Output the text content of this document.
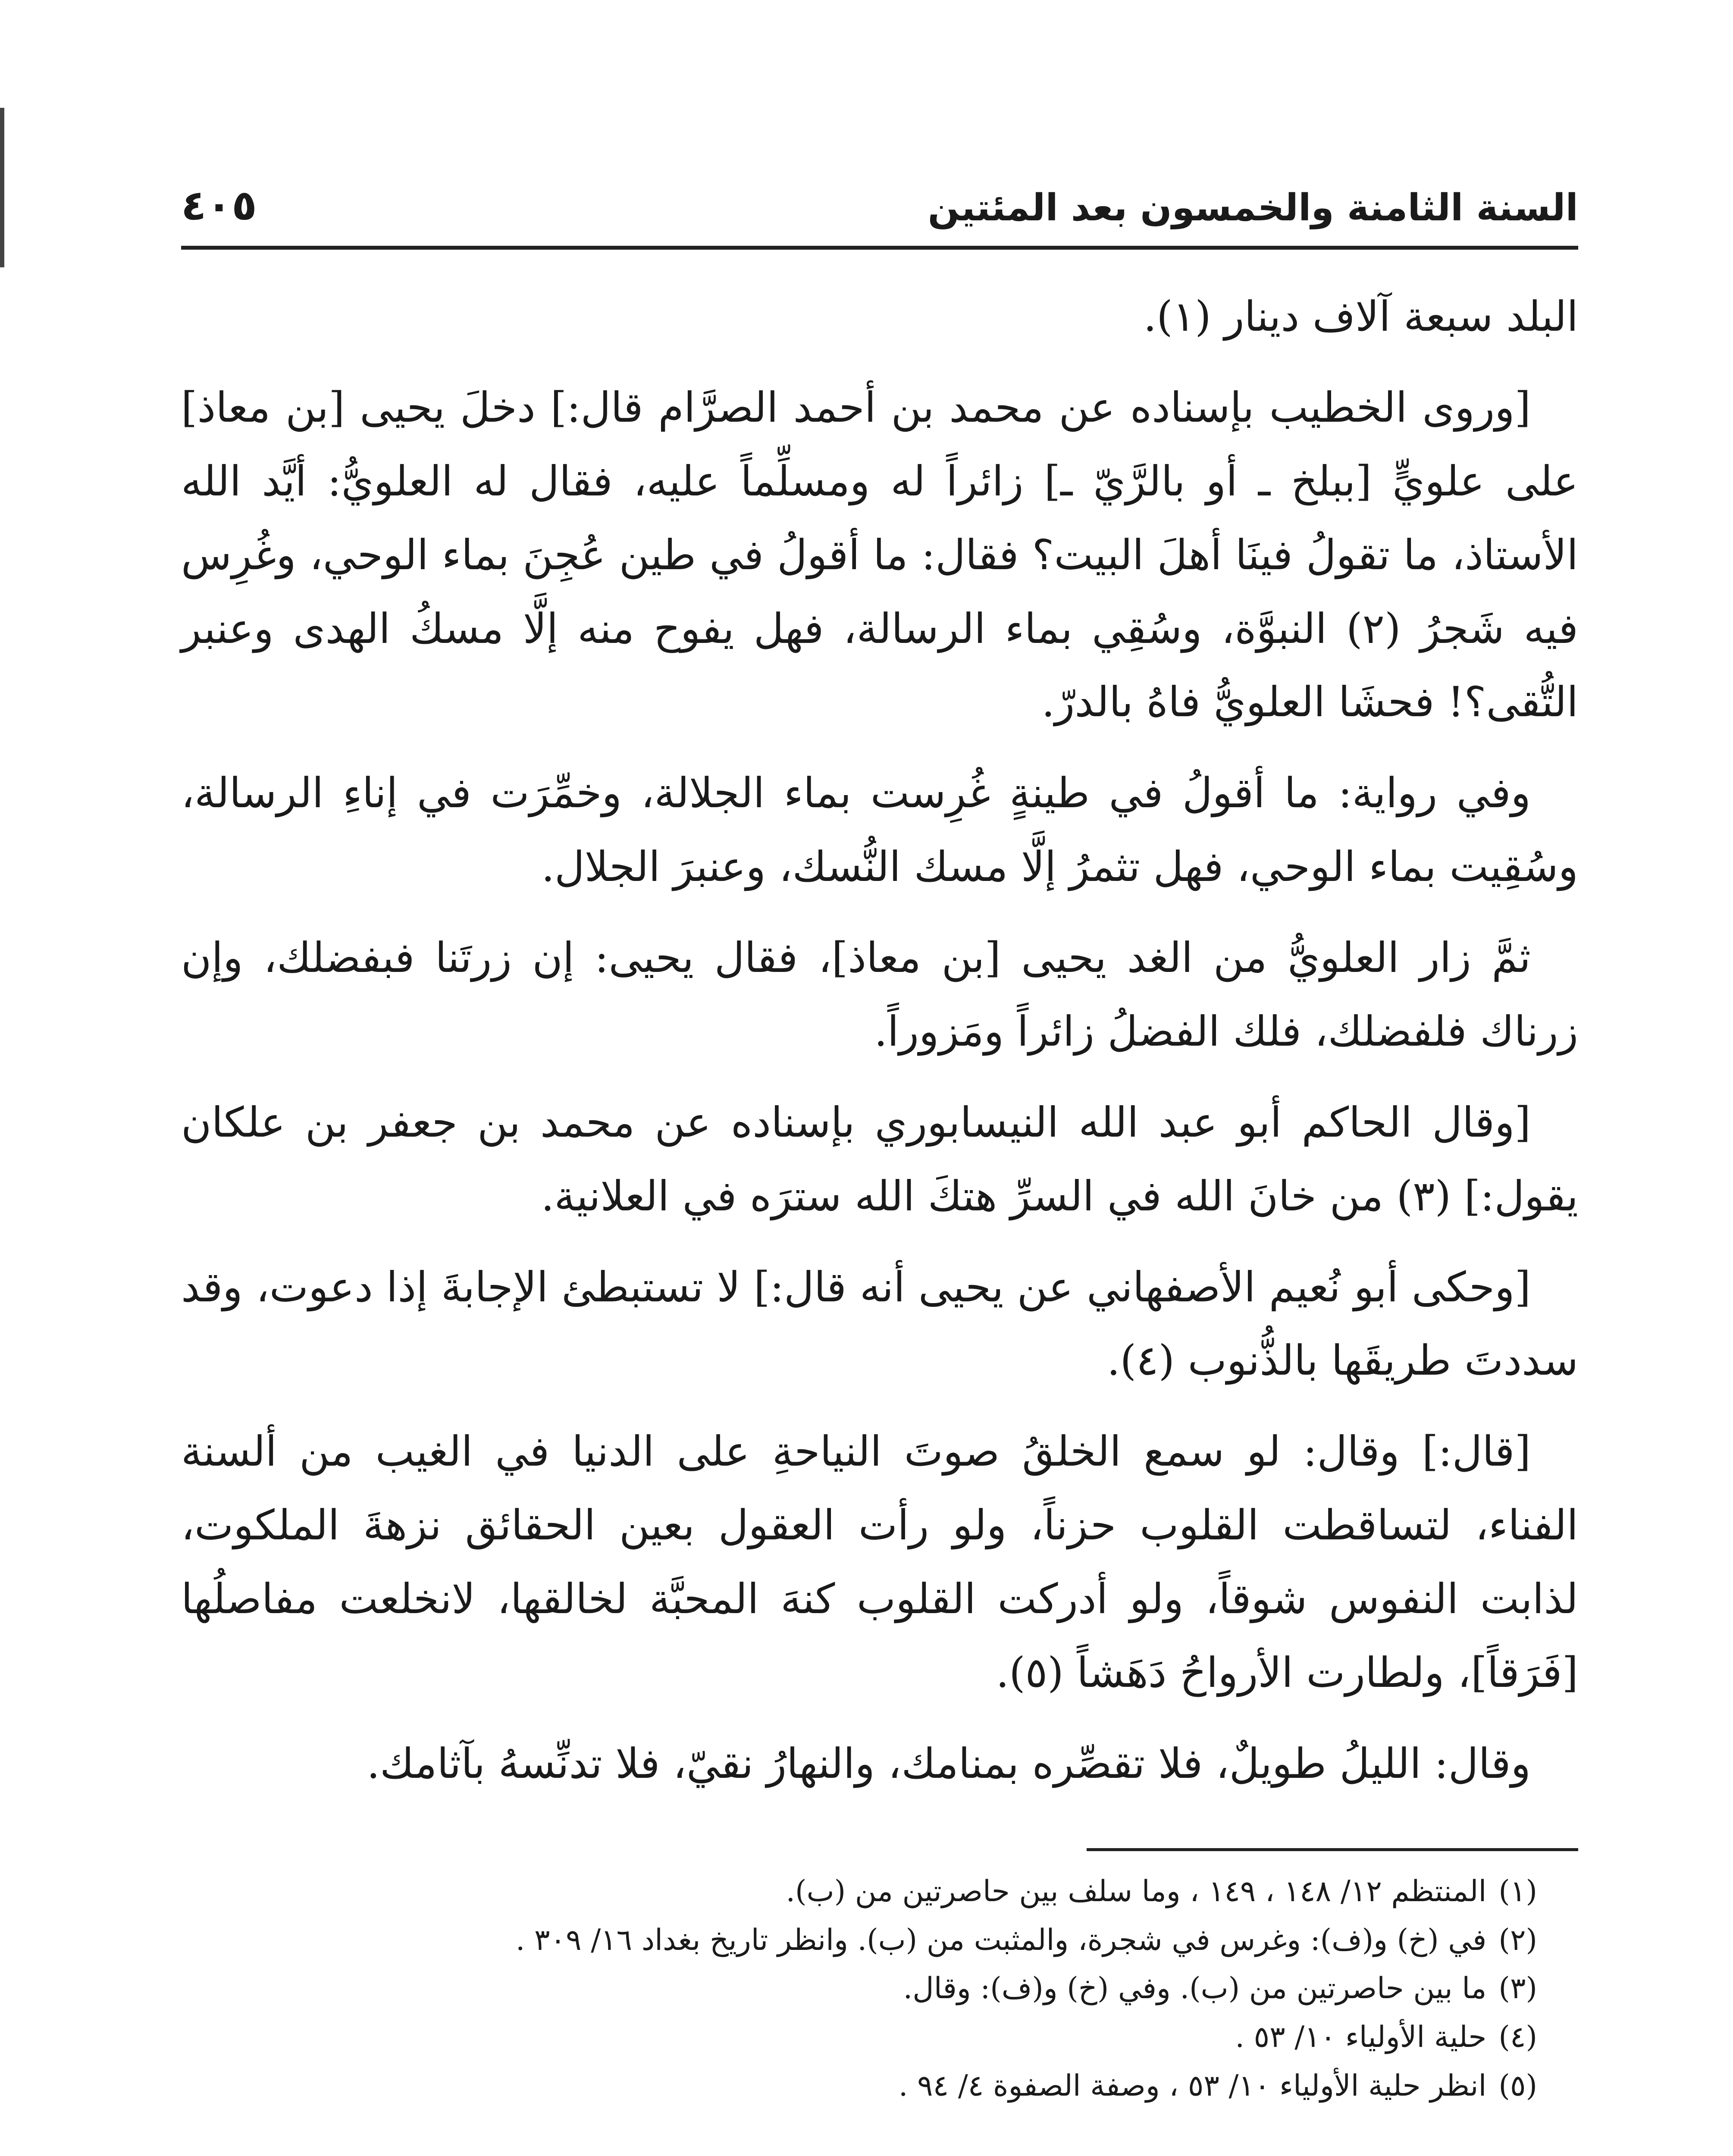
السنة الثامنة والخمسون بعد المئتين
٤٠٥

البلد سبعة آلاف دينار (١).

[وروى الخطيب بإسناده عن محمد بن أحمد الصرَّام قال:] دخلَ يحيى [بن معاذ] على علويٍّ [ببلخ ـ أو بالرَّيّ ـ] زائراً له ومسلِّماً عليه، فقال له العلويُّ: أيَّد الله الأستاذ، ما تقولُ فينَا أهلَ البيت؟ فقال: ما أقولُ في طين عُجِنَ بماء الوحي، وغُرِس فيه شَجرُ (٢) النبوَّة، وسُقِي بماء الرسالة، فهل يفوح منه إلَّا مسكُ الهدى وعنبر التُّقى؟! فحشَا العلويُّ فاهُ بالدرّ.

وفي رواية: ما أقولُ في طينةٍ غُرِست بماء الجلالة، وخمِّرَت في إناءِ الرسالة، وسُقِيت بماء الوحي، فهل تثمرُ إلَّا مسك النُّسك، وعنبرَ الجلال.

ثمَّ زار العلويُّ من الغد يحيى [بن معاذ]، فقال يحيى: إن زرتَنا فبفضلك، وإن زرناك فلفضلك، فلك الفضلُ زائراً ومَزوراً.

[وقال الحاكم أبو عبد الله النيسابوري بإسناده عن محمد بن جعفر بن علكان يقول:] (٣) من خانَ الله في السرِّ هتكَ الله سترَه في العلانية.

[وحكى أبو نُعيم الأصفهاني عن يحيى أنه قال:] لا تستبطئ الإجابةَ إذا دعوت، وقد سددتَ طريقَها بالذُّنوب (٤).

[قال:] وقال: لو سمع الخلقُ صوتَ النياحةِ على الدنيا في الغيب من ألسنة الفناء، لتساقطت القلوب حزناً، ولو رأت العقول بعين الحقائق نزهةَ الملكوت، لذابت النفوس شوقاً، ولو أدركت القلوب كنهَ المحبَّة لخالقها، لانخلعت مفاصلُها [فَرَقاً]، ولطارت الأرواحُ دَهَشاً (٥).

وقال: الليلُ طويلٌ، فلا تقصِّره بمنامك، والنهارُ نقيّ، فلا تدنِّسهُ بآثامك.

(١)المنتظم ١٢/ ١٤٨ ، ١٤٩ ، وما سلف بين حاصرتين من (ب).
(٢)في (خ) و(ف): وغرس في شجرة، والمثبت من (ب). وانظر تاريخ بغداد ١٦/ ٣٠٩ .
(٣)ما بين حاصرتين من (ب). وفي (خ) و(ف): وقال.
(٤)حلية الأولياء ١٠/ ٥٣ .
(٥)انظر حلية الأولياء ١٠/ ٥٣ ، وصفة الصفوة ٤/ ٩٤ .
